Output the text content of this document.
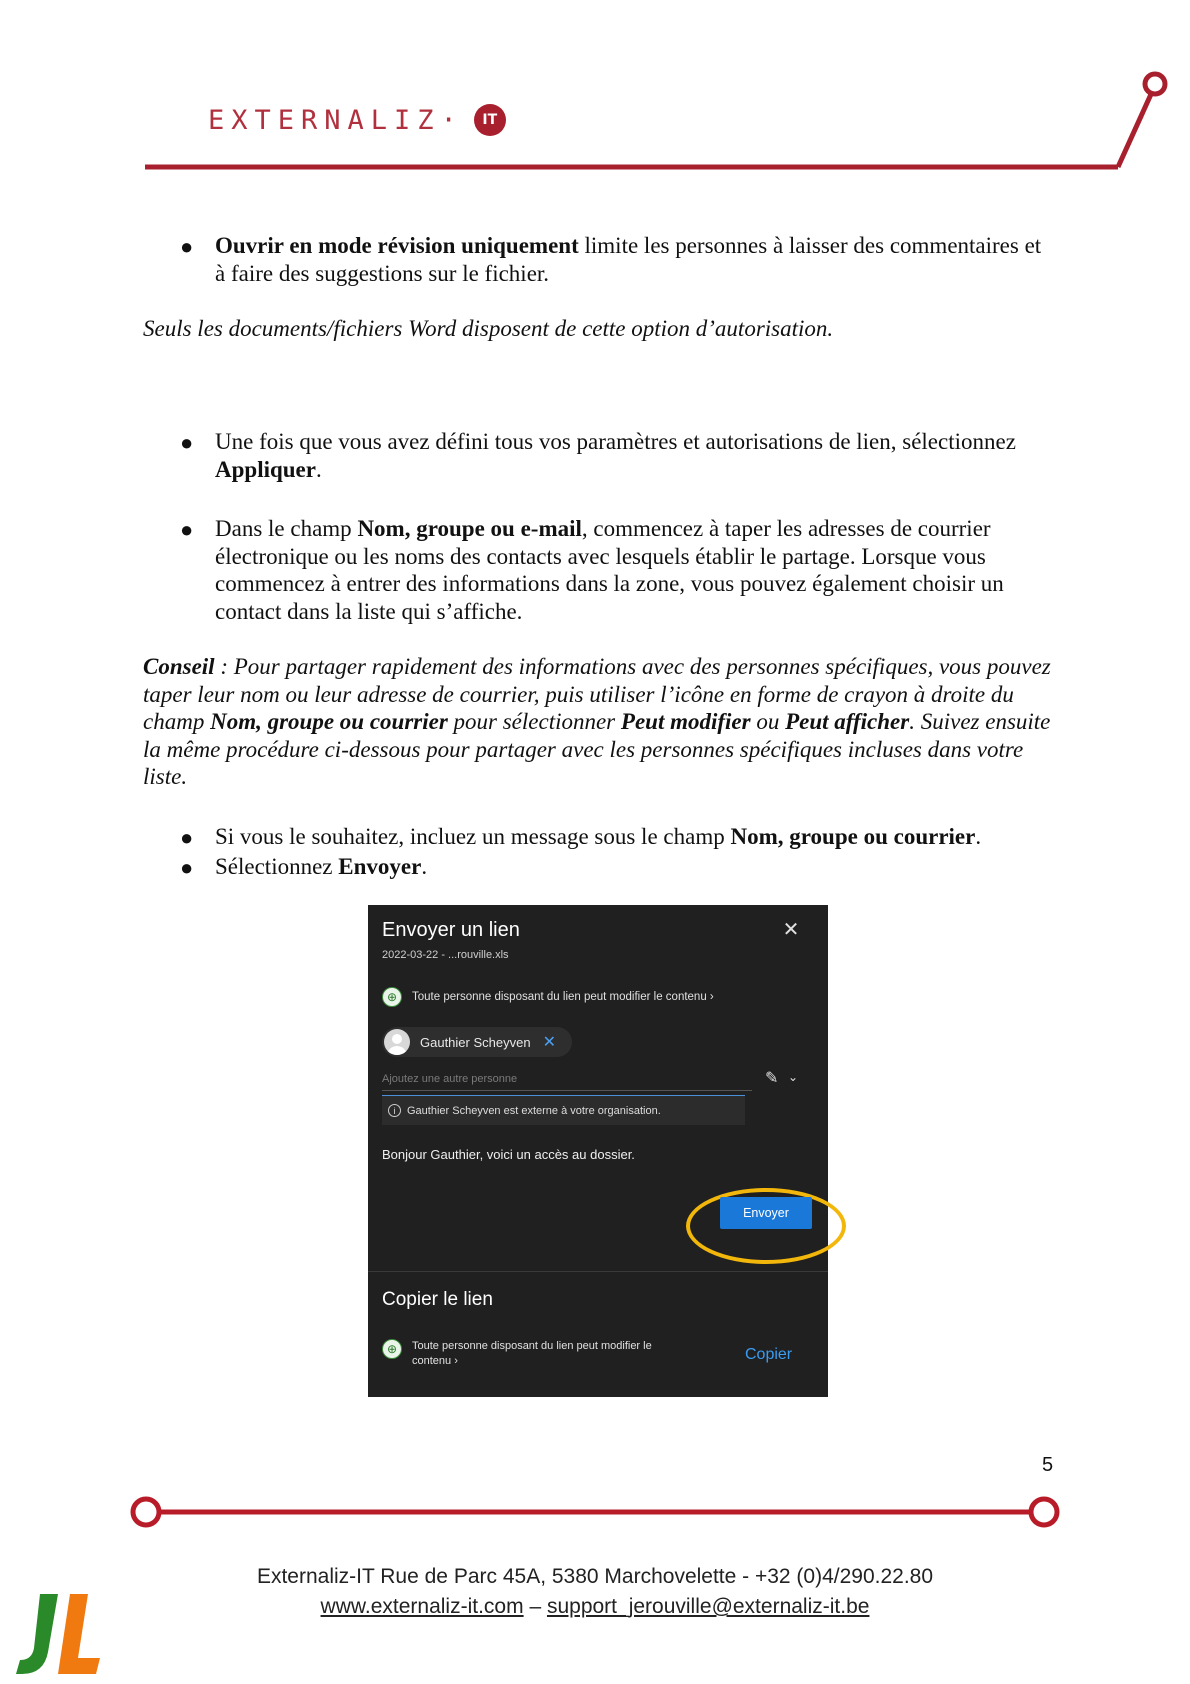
EXTERNALIZ·	IT
● Ouvrir en mode révision uniquement limite les personnes à laisser des commentaires et à faire des suggestions sur le fichier.
Seuls les documents/fichiers Word disposent de cette option d’autorisation.
● Une fois que vous avez défini tous vos paramètres et autorisations de lien, sélectionnez Appliquer.
● Dans le champ Nom, groupe ou e-mail, commencez à taper les adresses de courrier électronique ou les noms des contacts avec lesquels établir le partage. Lorsque vous commencez à entrer des informations dans la zone, vous pouvez également choisir un contact dans la liste qui s’affiche.
Conseil : Pour partager rapidement des informations avec des personnes spécifiques, vous pouvez taper leur nom ou leur adresse de courrier, puis utiliser l’icône en forme de crayon à droite du champ Nom, groupe ou courrier pour sélectionner Peut modifier ou Peut afficher. Suivez ensuite la même procédure ci-dessous pour partager avec les personnes spécifiques incluses dans votre liste.
● Si vous le souhaitez, incluez un message sous le champ Nom, groupe ou courrier.
● Sélectionnez Envoyer.
Envoyer un lien
2022-03-22 - ...rouville.xls
✕
⊕	Toute personne disposant du lien peut modifier le contenu ›
Gauthier Scheyven ✕
Ajoutez une autre personne
✎ ⌄
i	Gauthier Scheyven est externe à votre organisation.
Bonjour Gauthier, voici un accès au dossier.
Envoyer
Copier le lien
⊕	Toute personne disposant du lien peut modifier le contenu ›	Copier
5
Externaliz-IT Rue de Parc 45A, 5380 Marchovelette - +32 (0)4/290.22.80
www.externaliz-it.com – support_jerouville@externaliz-it.be
